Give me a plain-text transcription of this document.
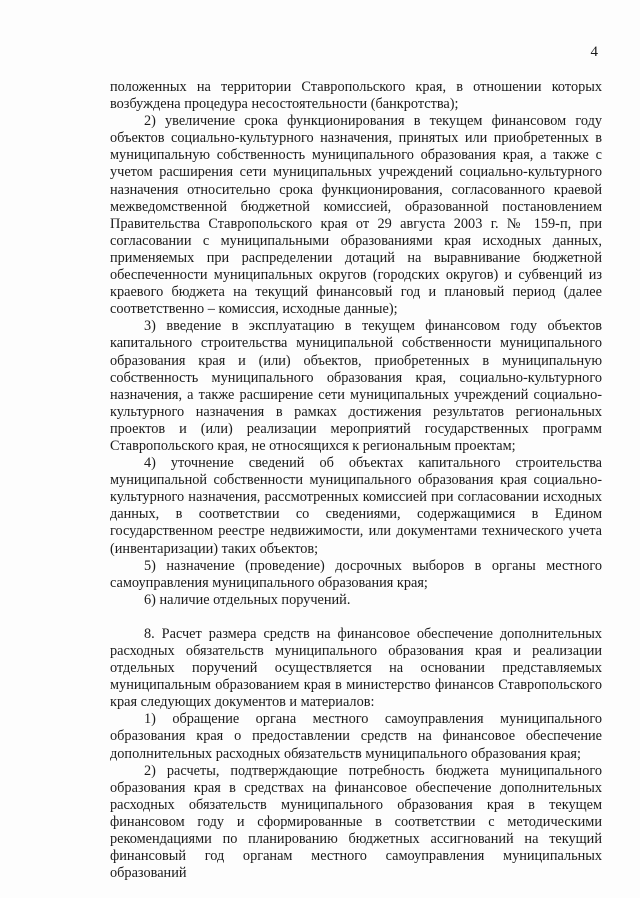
4

положенных на территории Ставропольского края, в отношении которых возбуждена процедура несостоятельности (банкротства);

2) увеличение срока функционирования в текущем финансовом году объектов социально-культурного назначения, принятых или приобретенных в муниципальную собственность муниципального образования края, а также с учетом расширения сети муниципальных учреждений социально-культурного назначения относительно срока функционирования, согласованного краевой межведомственной бюджетной комиссией, образованной постановлением Правительства Ставропольского края от 29 августа 2003 г. № 159-п, при согласовании с муниципальными образованиями края исходных данных, применяемых при распределении дотаций на выравнивание бюджетной обеспеченности муниципальных округов (городских округов) и субвенций из краевого бюджета на текущий финансовый год и плановый период (далее соответственно – комиссия, исходные данные);

3) введение в эксплуатацию в текущем финансовом году объектов капитального строительства муниципальной собственности муниципального образования края и (или) объектов, приобретенных в муниципальную собственность муниципального образования края, социально-культурного назначения, а также расширение сети муниципальных учреждений социально-культурного назначения в рамках достижения результатов региональных проектов и (или) реализации мероприятий государственных программ Ставропольского края, не относящихся к региональным проектам;

4) уточнение сведений об объектах капитального строительства муниципальной собственности муниципального образования края социально-культурного назначения, рассмотренных комиссией при согласовании исходных данных, в соответствии со сведениями, содержащимися в Едином государственном реестре недвижимости, или документами технического учета (инвентаризации) таких объектов;

5) назначение (проведение) досрочных выборов в органы местного самоуправления муниципального образования края;

6) наличие отдельных поручений.

8. Расчет размера средств на финансовое обеспечение дополнительных расходных обязательств муниципального образования края и реализации отдельных поручений осуществляется на основании представляемых муниципальным образованием края в министерство финансов Ставропольского края следующих документов и материалов:

1) обращение органа местного самоуправления муниципального образования края о предоставлении средств на финансовое обеспечение дополнительных расходных обязательств муниципального образования края;

2) расчеты, подтверждающие потребность бюджета муниципального образования края в средствах на финансовое обеспечение дополнительных расходных обязательств муниципального образования края в текущем финансовом году и сформированные в соответствии с методическими рекомендациями по планированию бюджетных ассигнований на текущий финансовый год органам местного самоуправления муниципальных образований
